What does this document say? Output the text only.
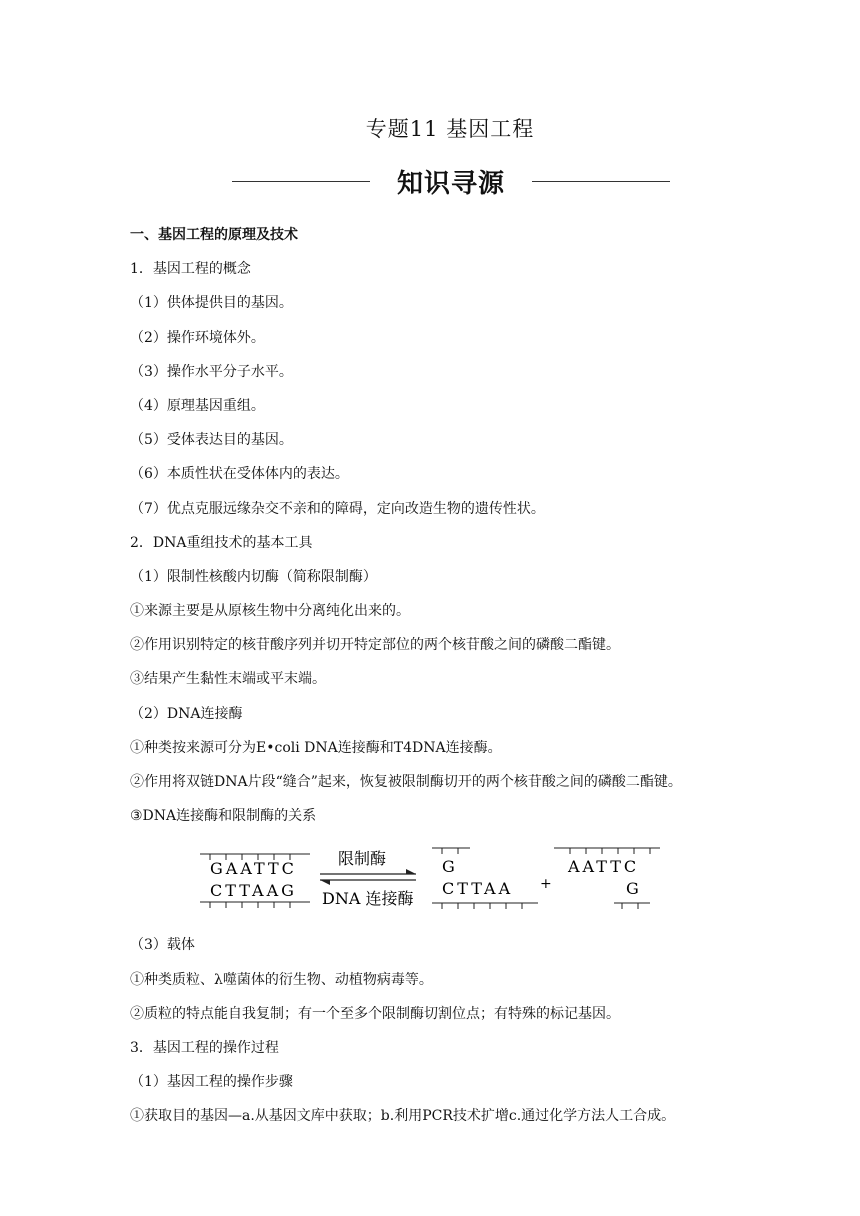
专题11 基因工程
知识寻源
一、基因工程的原理及技术
1．基因工程的概念
（1）供体提供目的基因。
（2）操作环境体外。
（3）操作水平分子水平。
（4）原理基因重组。
（5）受体表达目的基因。
（6）本质性状在受体体内的表达。
（7）优点克服远缘杂交不亲和的障碍，定向改造生物的遗传性状。
2．DNA重组技术的基本工具
（1）限制性核酸内切酶（简称限制酶）
①来源主要是从原核生物中分离纯化出来的。
②作用识别特定的核苷酸序列并切开特定部位的两个核苷酸之间的磷酸二酯键。
③结果产生黏性末端或平末端。
（2）DNA连接酶
①种类按来源可分为E•coli DNA连接酶和T4DNA连接酶。
②作用将双链DNA片段“缝合”起来，恢复被限制酶切开的两个核苷酸之间的磷酸二酯键。
③DNA连接酶和限制酶的关系
GAATTC
CTTAAG
限制酶
DNA 连接酶
G
CTTAA +
AATTC
G
（3）载体
①种类质粒、λ噬菌体的衍生物、动植物病毒等。
②质粒的特点能自我复制；有一个至多个限制酶切割位点；有特殊的标记基因。
3．基因工程的操作过程
（1）基因工程的操作步骤
①获取目的基因—a.从基因文库中获取；b.利用PCR技术扩增c.通过化学方法人工合成。
